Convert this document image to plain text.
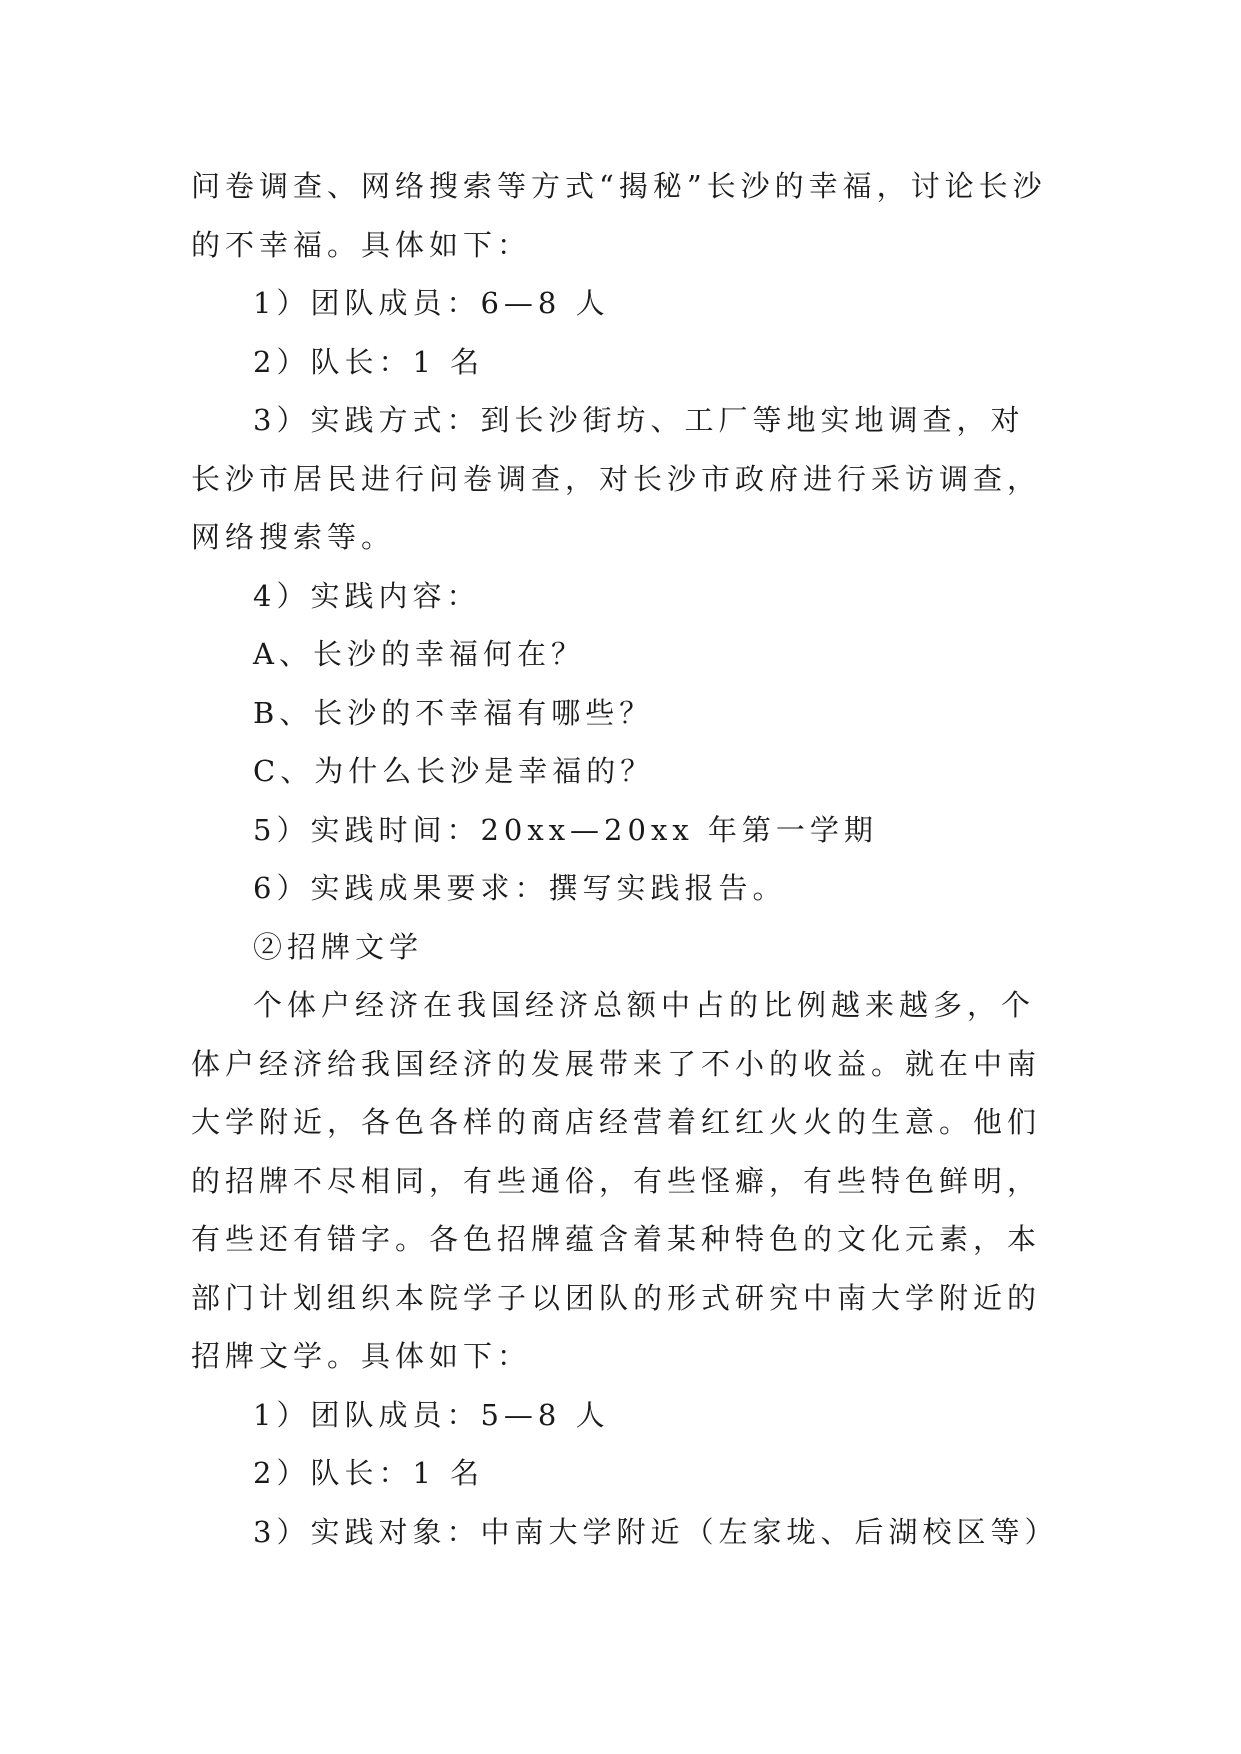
问卷调查、网络搜索等方式“揭秘”长沙的幸福，讨论长沙的不幸福。具体如下：

1）团队成员：6—8 人

2）队长：1 名

3）实践方式：到长沙街坊、工厂等地实地调查，对长沙市居民进行问卷调查，对长沙市政府进行采访调查，网络搜索等。

4）实践内容：

A、长沙的幸福何在？

B、长沙的不幸福有哪些？

C、为什么长沙是幸福的？

5）实践时间：20xx—20xx 年第一学期

6）实践成果要求：撰写实践报告。

②招牌文学

个体户经济在我国经济总额中占的比例越来越多，个体户经济给我国经济的发展带来了不小的收益。就在中南大学附近，各色各样的商店经营着红红火火的生意。他们的招牌不尽相同，有些通俗，有些怪癖，有些特色鲜明，有些还有错字。各色招牌蕴含着某种特色的文化元素，本部门计划组织本院学子以团队的形式研究中南大学附近的招牌文学。具体如下：

1）团队成员：5—8 人

2）队长：1 名

3）实践对象：中南大学附近（左家垅、后湖校区等）
